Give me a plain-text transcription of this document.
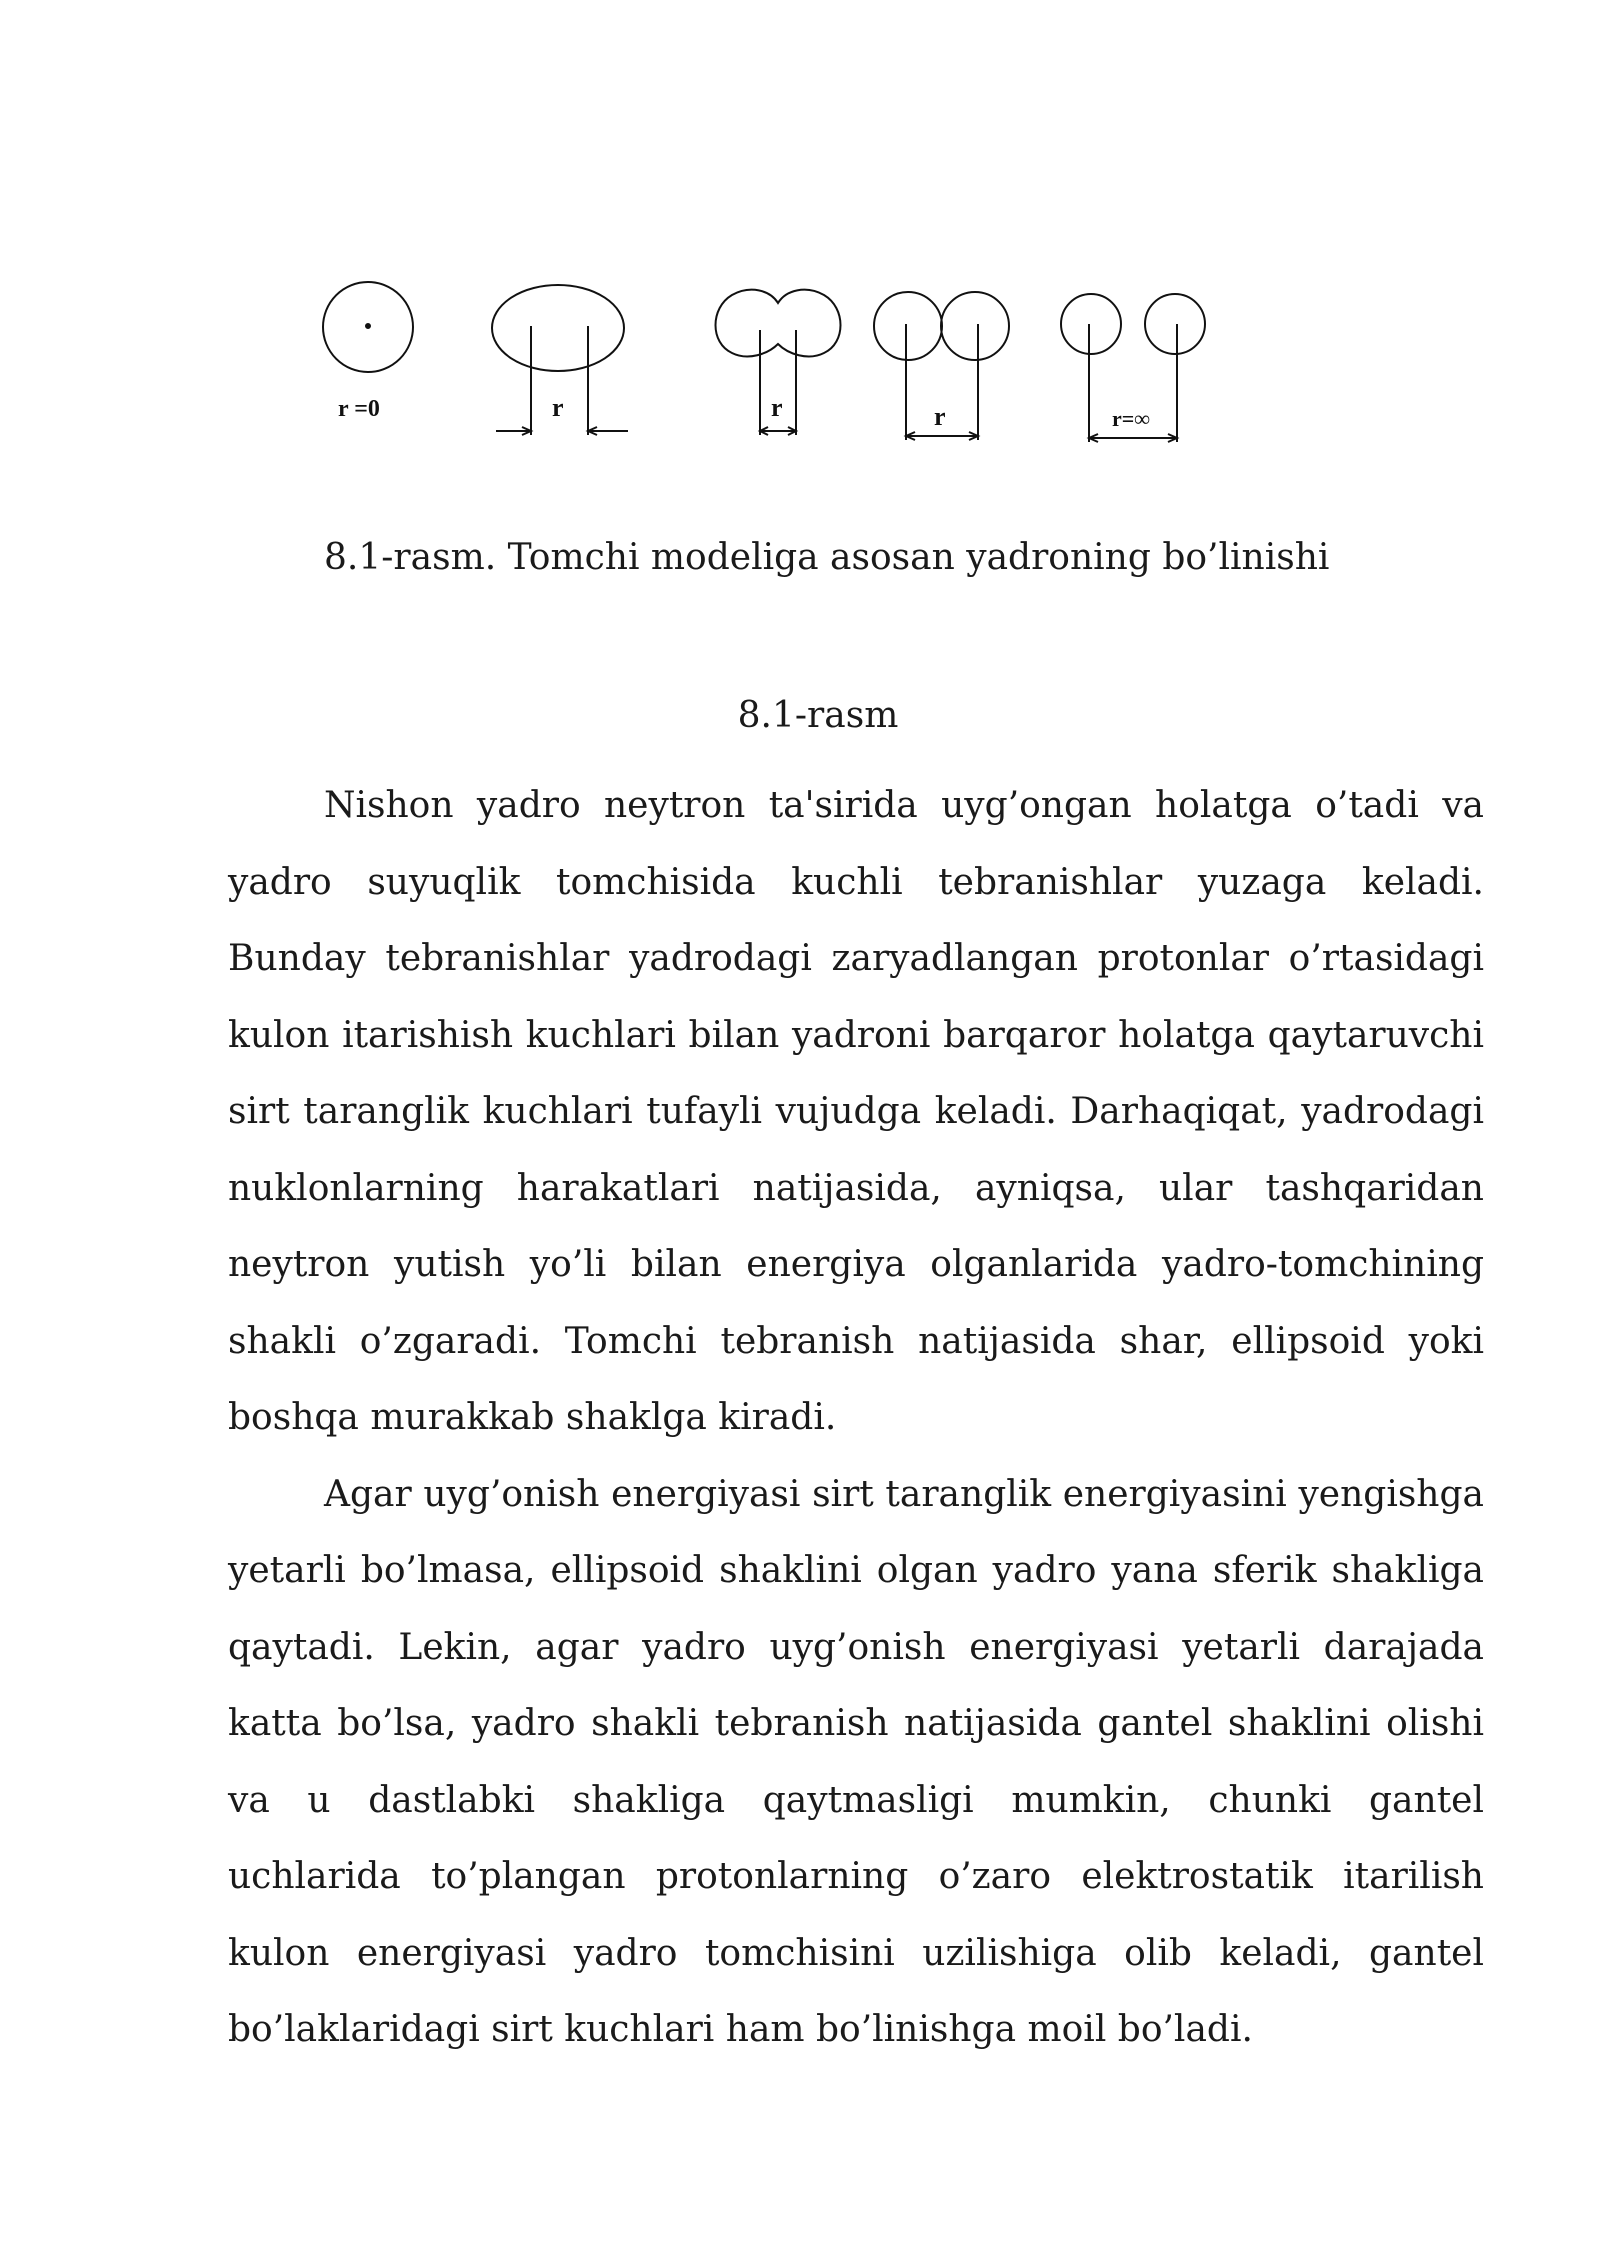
r =0	r	r	r	r=∞

8.1-rasm. Tomchi modeliga asosan yadroning bo’linishi

8.1-rasm

Nishon yadro neytron ta'sirida uyg’ongan holatga o’tadi va yadro suyuqlik tomchisida kuchli tebranishlar yuzaga keladi. Bunday tebranishlar yadrodagi zaryadlangan protonlar o’rtasidagi kulon itarishish kuchlari bilan yadroni barqaror holatga qaytaruvchi sirt taranglik kuchlari tufayli vujudga keladi. Darhaqiqat, yadrodagi nuklonlarning harakatlari natijasida, ayniqsa, ular tashqaridan neytron yutish yo’li bilan energiya olganlarida yadro-tomchining shakli o’zgaradi. Tomchi tebranish natijasida shar, ellipsoid yoki boshqa murakkab shaklga kiradi.

Agar uyg’onish energiyasi sirt taranglik energiyasini yengishga yetarli bo’lmasa, ellipsoid shaklini olgan yadro yana sferik shakliga qaytadi. Lekin, agar yadro uyg’onish energiyasi yetarli darajada katta bo’lsa, yadro shakli tebranish natijasida gantel shaklini olishi va u dastlabki shakliga qaytmasligi mumkin, chunki gantel uchlarida to’plangan protonlarning o’zaro elektrostatik itarilish kulon energiyasi yadro tomchisini uzilishiga olib keladi, gantel bo’laklaridagi sirt kuchlari ham bo’linishga moil bo’ladi.
